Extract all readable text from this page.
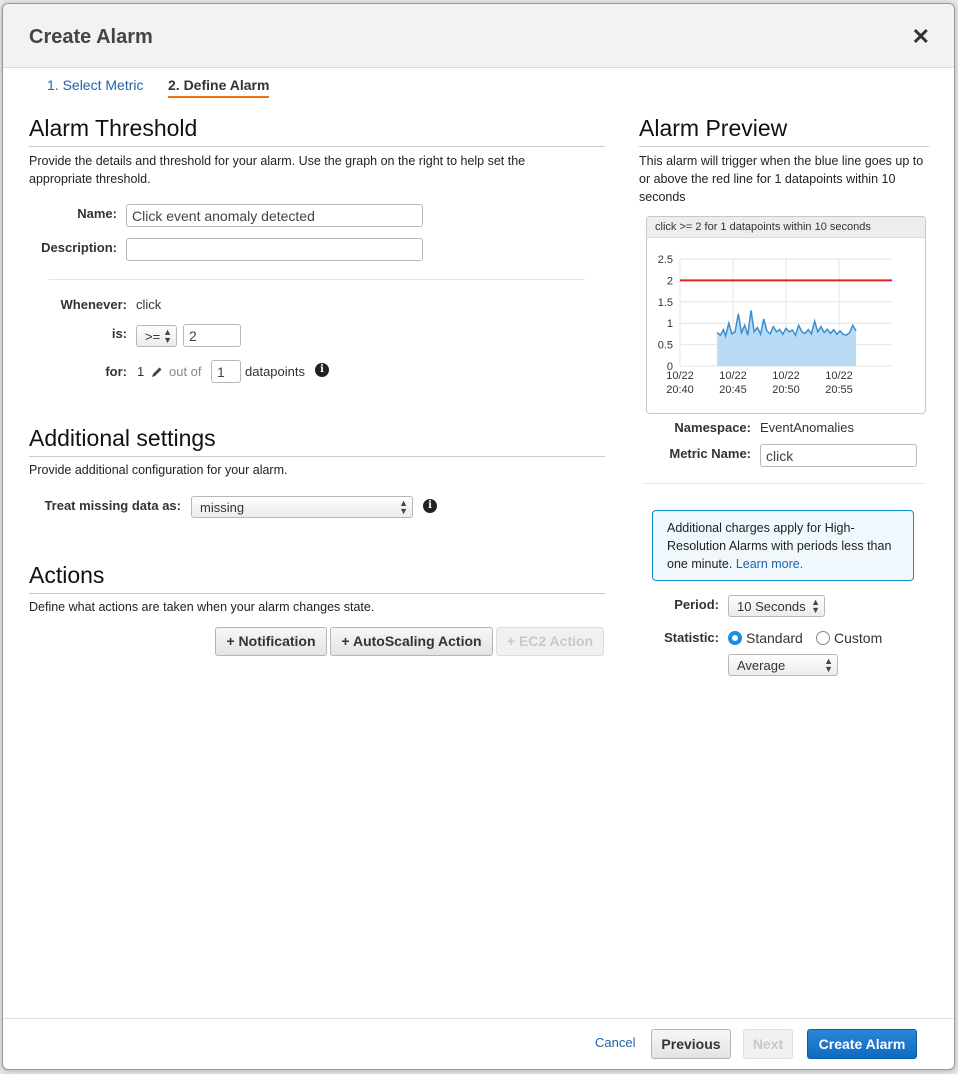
Create Alarm	✕
1. Select Metric 2. Define Alarm
Alarm Threshold
Provide the details and threshold for your alarm. Use the graph on the right to help set the appropriate threshold.
Name:
Click event anomaly detected
Description:
Whenever: click
is:	>= ▲
▼
2
for: 1 out of
1	datapoints	i
Additional settings
Provide additional configuration for your alarm.
Treat missing data as:	missing	▲
▼	i
Actions
Define what actions are taken when your alarm changes state.
+ Notification	+ AutoScaling Action	+ EC2 Action
Alarm Preview
This alarm will trigger when the blue line goes up to or above the red line for 1 datapoints within 10 seconds
click >= 2 for 1 datapoints within 10 seconds
0
0.5
1
1.5
2
2.5
10/22
20:40
10/22
20:45
10/22
20:50
10/22
20:55
Namespace: EventAnomalies
Metric Name:
click
Additional charges apply for High-Resolution Alarms with periods less than one minute. Learn more.
Period:	10 Seconds ▲
▼
Statistic: Standard Custom
Average	▲
▼
Cancel	Previous	Next	Create Alarm
